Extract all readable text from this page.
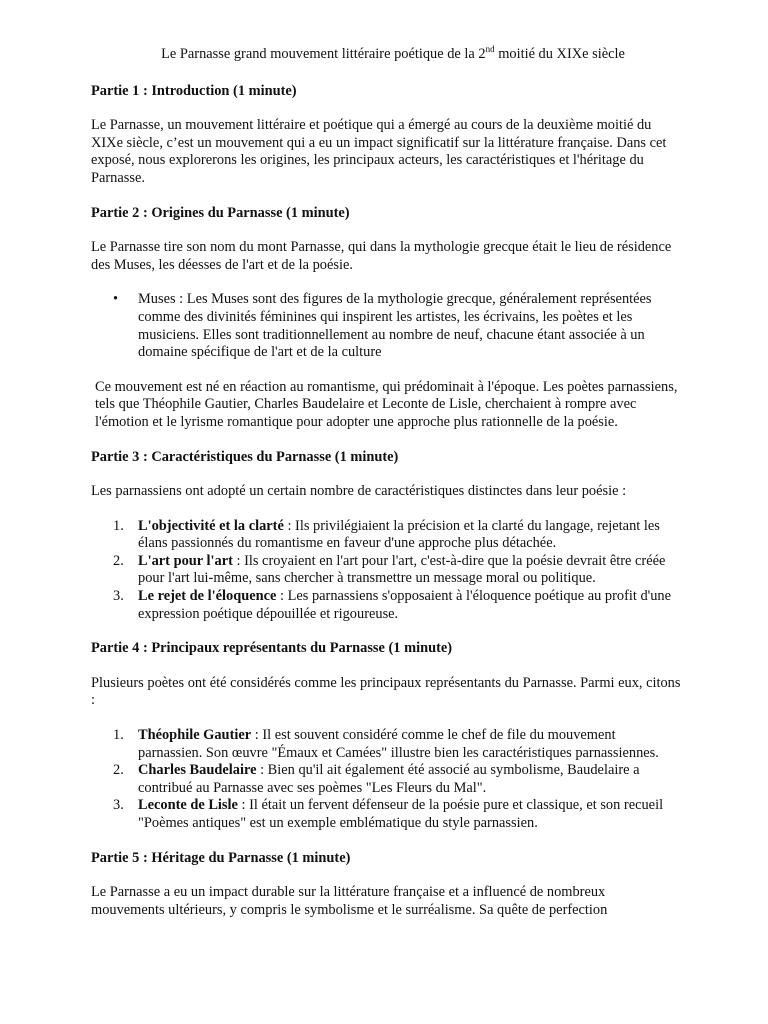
Le Parnasse grand mouvement littéraire poétique de la 2nd moitié du XIXe siècle
Partie 1 : Introduction (1 minute)

Le Parnasse, un mouvement littéraire et poétique qui a émergé au cours de la deuxième moitié du XIXe siècle, c’est un mouvement qui a eu un impact significatif sur la littérature française. Dans cet exposé, nous explorerons les origines, les principaux acteurs, les caractéristiques et l'héritage du Parnasse.

Partie 2 : Origines du Parnasse (1 minute)

Le Parnasse tire son nom du mont Parnasse, qui dans la mythologie grecque était le lieu de résidence des Muses, les déesses de l'art et de la poésie.

• Muses : Les Muses sont des figures de la mythologie grecque, généralement représentées comme des divinités féminines qui inspirent les artistes, les écrivains, les poètes et les musiciens. Elles sont traditionnellement au nombre de neuf, chacune étant associée à un domaine spécifique de l'art et de la culture

Ce mouvement est né en réaction au romantisme, qui prédominait à l'époque. Les poètes parnassiens, tels que Théophile Gautier, Charles Baudelaire et Leconte de Lisle, cherchaient à rompre avec l'émotion et le lyrisme romantique pour adopter une approche plus rationnelle de la poésie.

Partie 3 : Caractéristiques du Parnasse (1 minute)

Les parnassiens ont adopté un certain nombre de caractéristiques distinctes dans leur poésie :

1. L'objectivité et la clarté : Ils privilégiaient la précision et la clarté du langage, rejetant les élans passionnés du romantisme en faveur d'une approche plus détachée.
2. L'art pour l'art : Ils croyaient en l'art pour l'art, c'est-à-dire que la poésie devrait être créée pour l'art lui-même, sans chercher à transmettre un message moral ou politique.
3. Le rejet de l'éloquence : Les parnassiens s'opposaient à l'éloquence poétique au profit d'une expression poétique dépouillée et rigoureuse.
Partie 4 : Principaux représentants du Parnasse (1 minute)

Plusieurs poètes ont été considérés comme les principaux représentants du Parnasse. Parmi eux, citons :

1. Théophile Gautier : Il est souvent considéré comme le chef de file du mouvement parnassien. Son œuvre "Émaux et Camées" illustre bien les caractéristiques parnassiennes.
2. Charles Baudelaire : Bien qu'il ait également été associé au symbolisme, Baudelaire a contribué au Parnasse avec ses poèmes "Les Fleurs du Mal".
3. Leconte de Lisle : Il était un fervent défenseur de la poésie pure et classique, et son recueil "Poèmes antiques" est un exemple emblématique du style parnassien.
Partie 5 : Héritage du Parnasse (1 minute)

Le Parnasse a eu un impact durable sur la littérature française et a influencé de nombreux mouvements ultérieurs, y compris le symbolisme et le surréalisme. Sa quête de perfection
